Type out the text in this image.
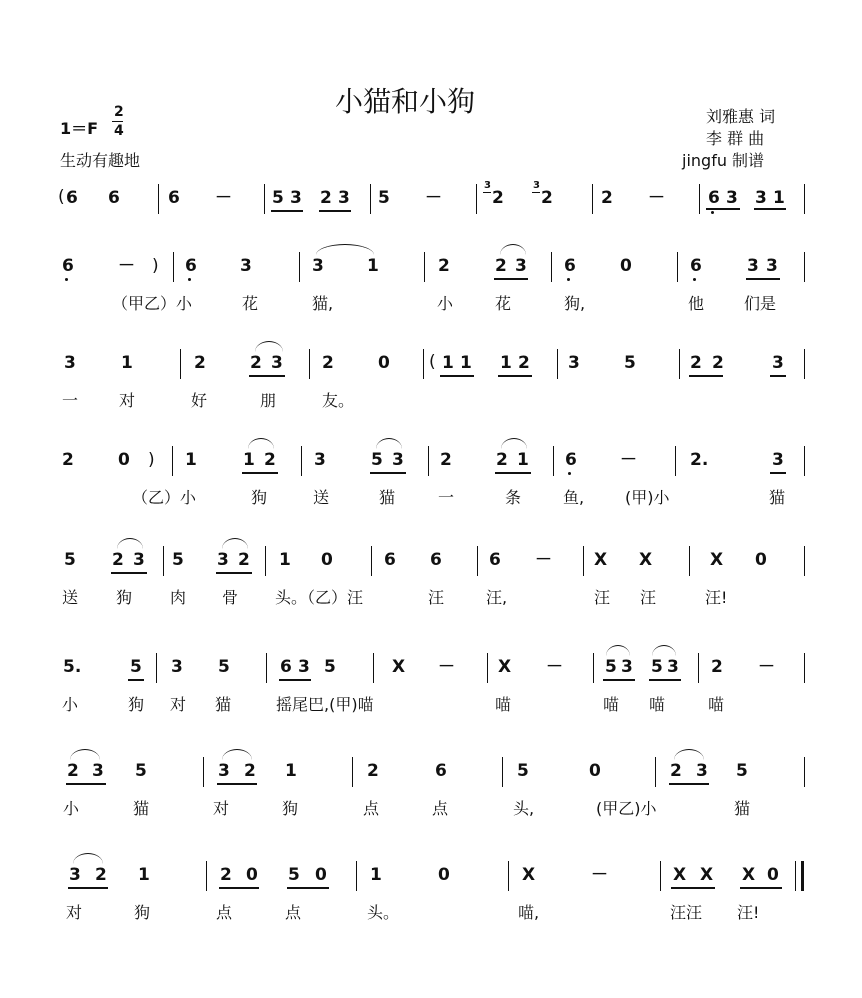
小猫和小狗
1＝F
2
4
生动有趣地
刘雅惠 词
李 群 曲
jingfu 制谱
( 6 6	6 － 5 3 2 3 5 －
3
2
3
2	2 －	6 3 3 1
6	－ ) 6	3	3	1	2	2 3 6	0	6	3 3
（甲乙）小	花	猫,	小	花	狗,	他 们是
3	1	2	2 3 2	0 ( 1 1 1 2 3	5	2 2	3
一	对	好	朋	友。
2	0 ) 1	1 2 3	5 3 2	2 1 6	－	2.	3
（乙）小	狗	送	猫	一	条	鱼,	(甲)小	猫
5 2 3 5 3 2 1 0	6 6	6 － X X	X 0
送 狗 肉 骨 头。（乙）汪	汪	汪,	汪 汪	汪!
5.	5 3 5	6 3 5	X －	X － 5 3 5 3 2 －
小	狗 对 猫	摇尾巴,(甲)喵	喵	喵 喵	喵
2 3 5	3 2 1	2	6	5	0	2 3 5
小	猫	对	狗	点	点	头,	(甲乙)小	猫
3 2 1	2 0 5 0	1	0	X	－	X X X 0
对	狗	点	点	头。	喵,	汪汪 汪!
